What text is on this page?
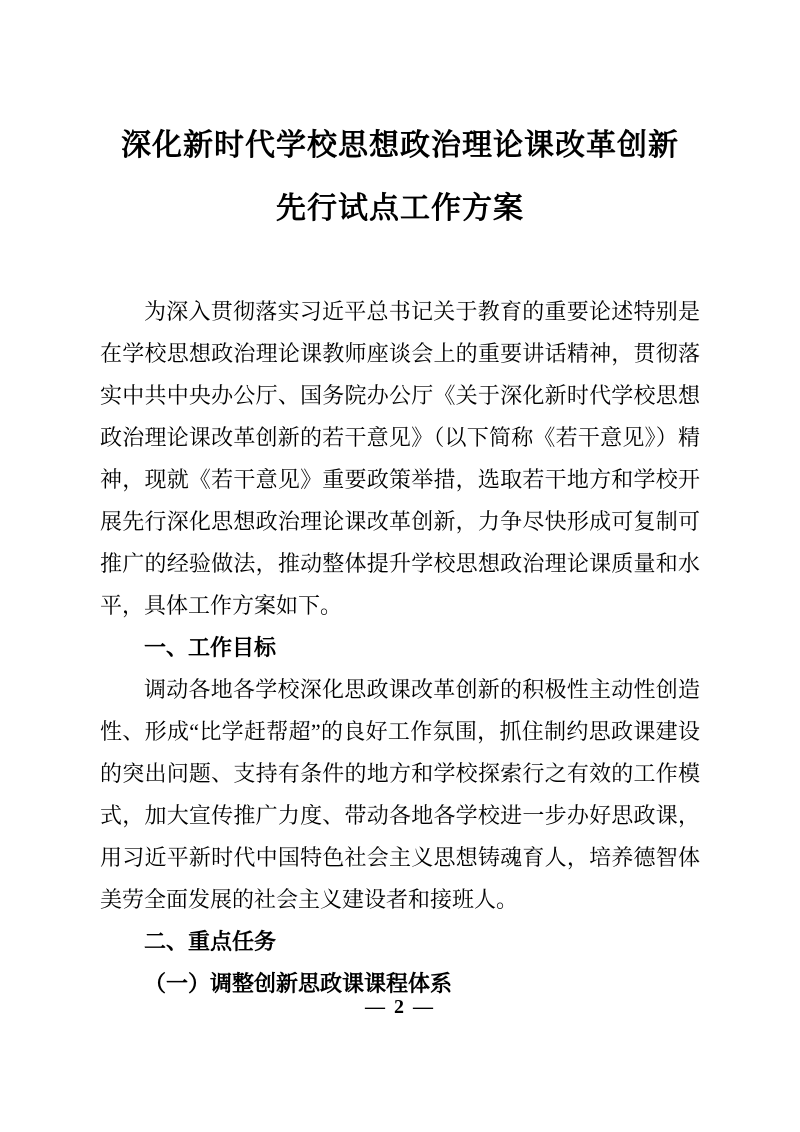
深化新时代学校思想政治理论课改革创新
先行试点工作方案

为深入贯彻落实习近平总书记关于教育的重要论述特别是在学校思想政治理论课教师座谈会上的重要讲话精神，贯彻落实中共中央办公厅、国务院办公厅《关于深化新时代学校思想政治理论课改革创新的若干意见》（以下简称《若干意见》）精神，现就《若干意见》重要政策举措，选取若干地方和学校开展先行深化思想政治理论课改革创新，力争尽快形成可复制可推广的经验做法，推动整体提升学校思想政治理论课质量和水平，具体工作方案如下。

一、工作目标

调动各地各学校深化思政课改革创新的积极性主动性创造性、形成“比学赶帮超”的良好工作氛围，抓住制约思政课建设的突出问题、支持有条件的地方和学校探索行之有效的工作模式，加大宣传推广力度、带动各地各学校进一步办好思政课，用习近平新时代中国特色社会主义思想铸魂育人，培养德智体美劳全面发展的社会主义建设者和接班人。

二、重点任务

（一）调整创新思政课课程体系

— 2 —
